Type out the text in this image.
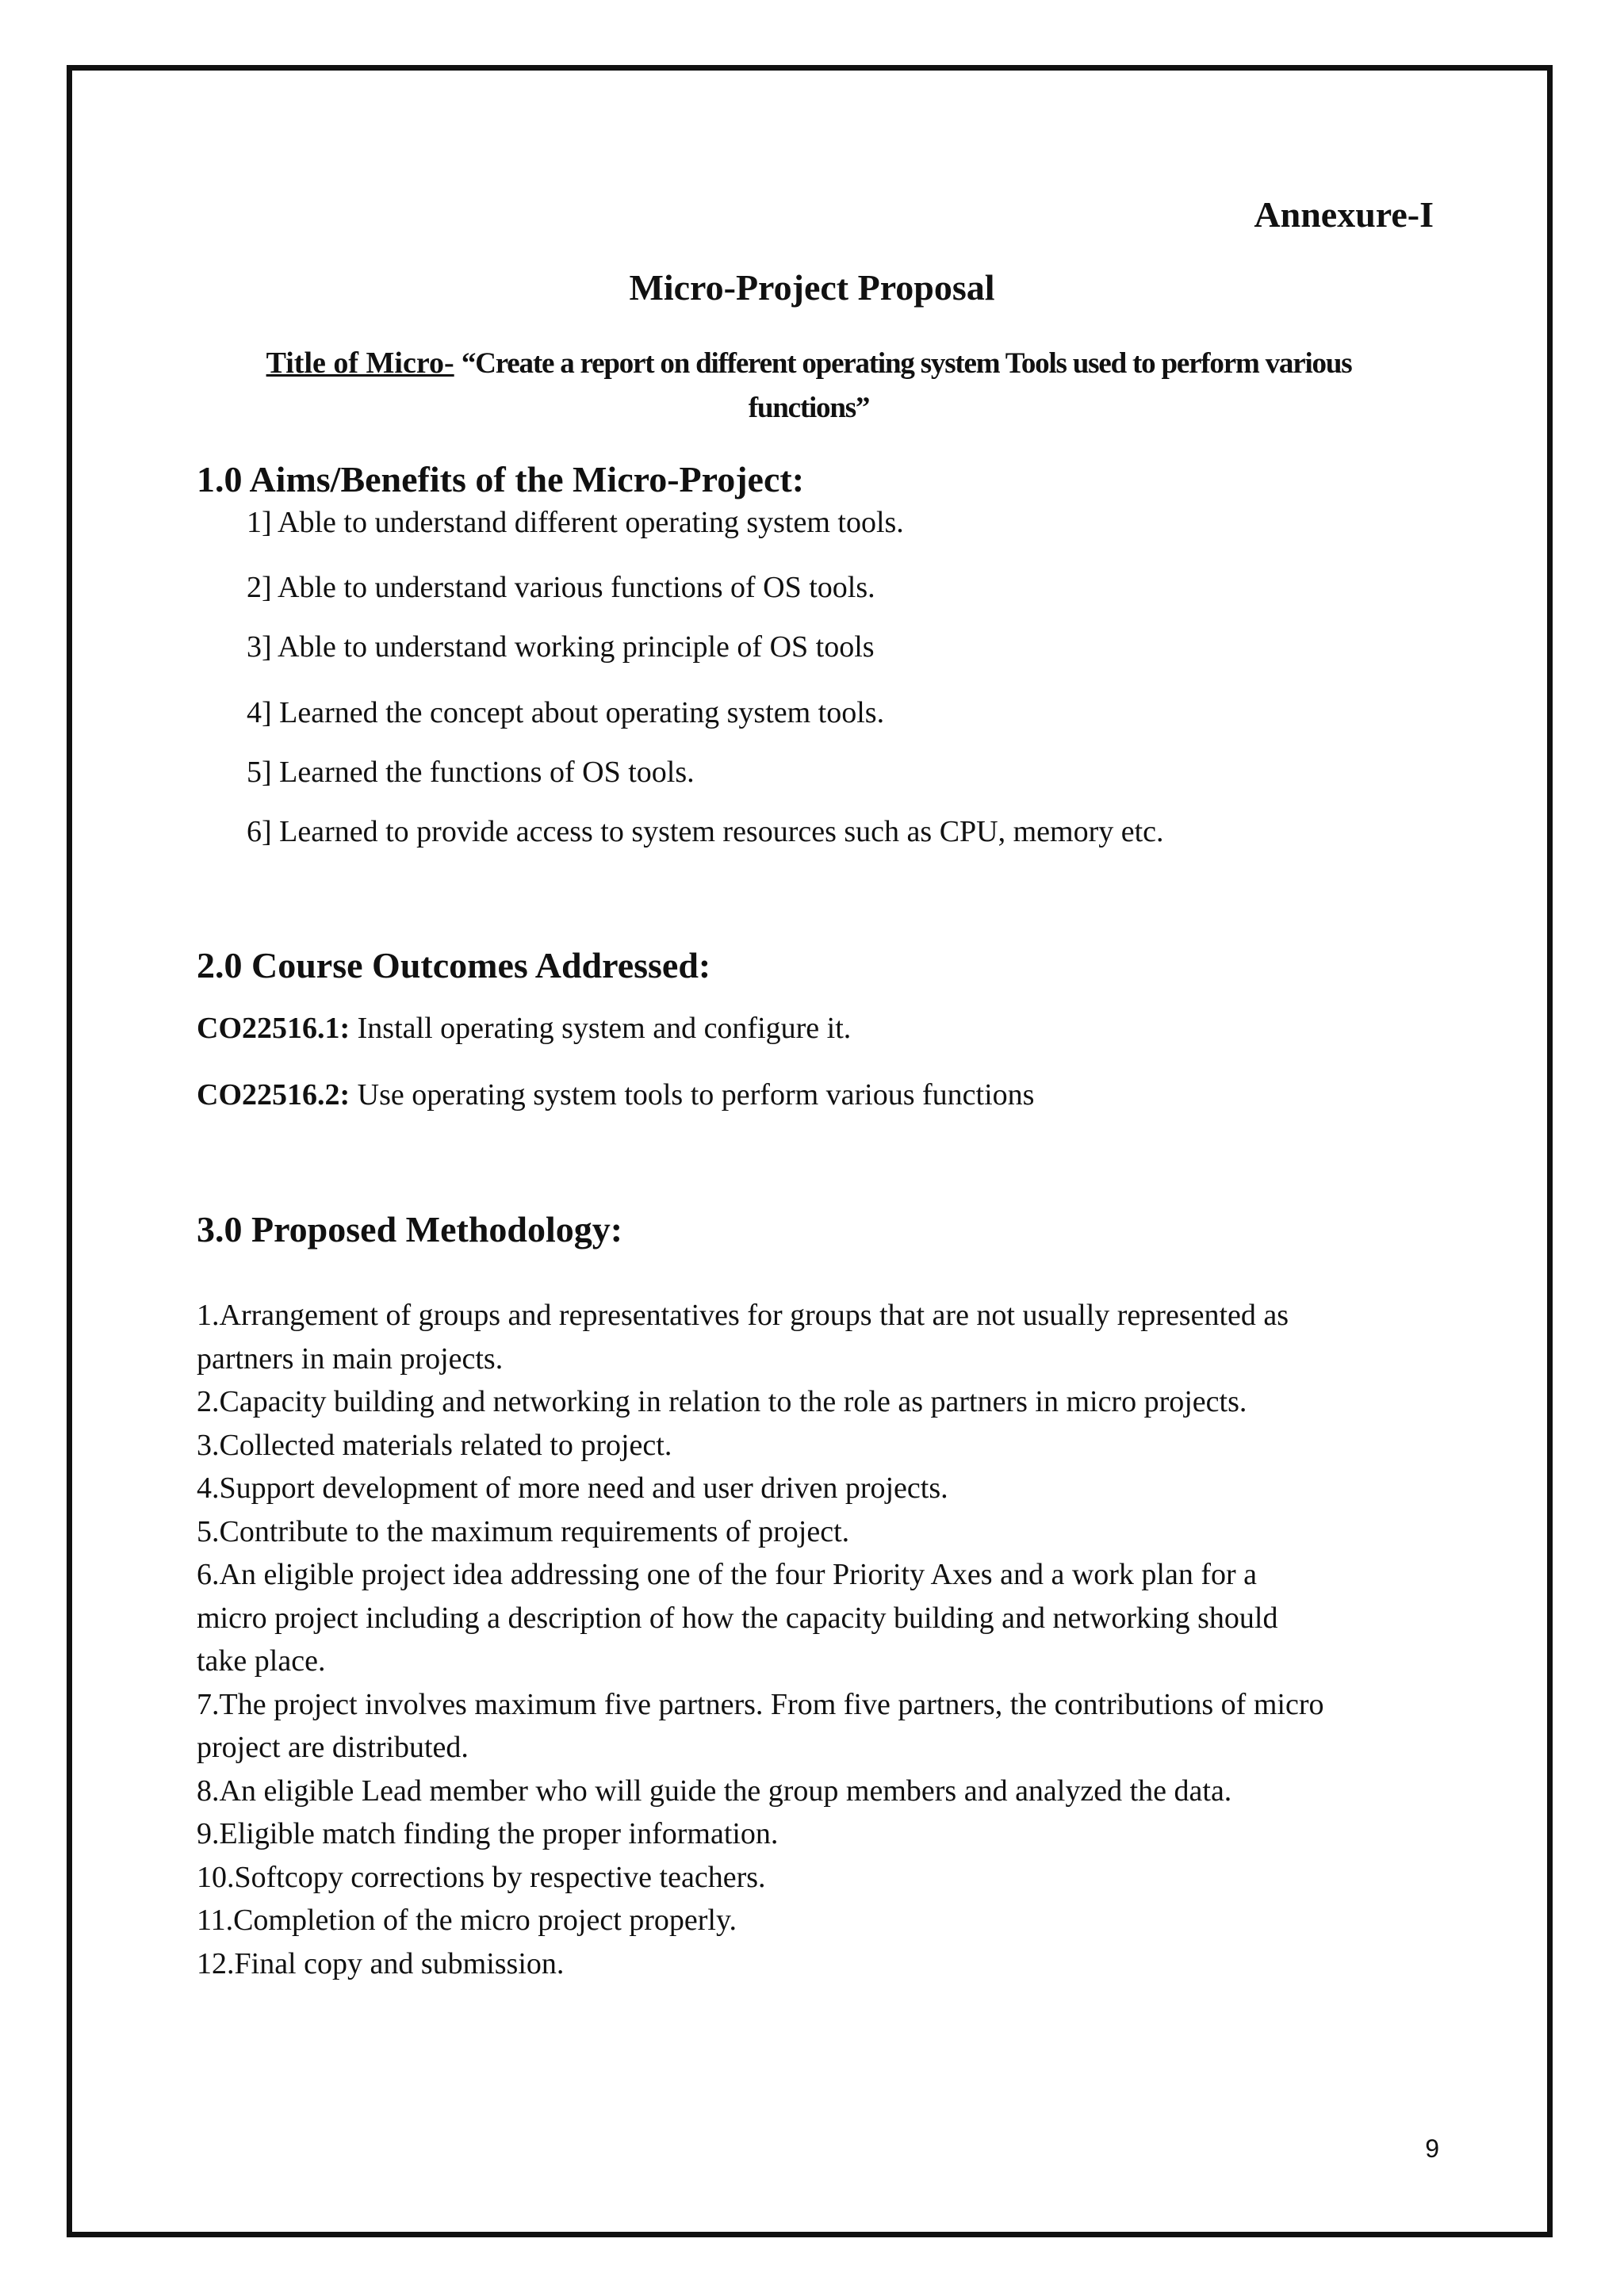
Annexure-I
Micro-Project Proposal
Title of Micro- “Create a report on different operating system Tools used to perform various
functions”
1.0 Aims/Benefits of the Micro-Project:
1] Able to understand different operating system tools.
2] Able to understand various functions of OS tools.
3] Able to understand working principle of OS tools
4] Learned the concept about operating system tools.
5] Learned the functions of OS tools.
6] Learned to provide access to system resources such as CPU, memory etc.
2.0 Course Outcomes Addressed:
CO22516.1: Install operating system and configure it.
CO22516.2: Use operating system tools to perform various functions
3.0 Proposed Methodology:
1.Arrangement of groups and representatives for groups that are not usually represented as
partners in main projects.
2.Capacity building and networking in relation to the role as partners in micro projects.
3.Collected materials related to project.
4.Support development of more need and user driven projects.
5.Contribute to the maximum requirements of project.
6.An eligible project idea addressing one of the four Priority Axes and a work plan for a
micro project including a description of how the capacity building and networking should
take place.
7.The project involves maximum five partners. From five partners, the contributions of micro
project are distributed.
8.An eligible Lead member who will guide the group members and analyzed the data.
9.Eligible match finding the proper information.
10.Softcopy corrections by respective teachers.
11.Completion of the micro project properly.
12.Final copy and submission.
9
